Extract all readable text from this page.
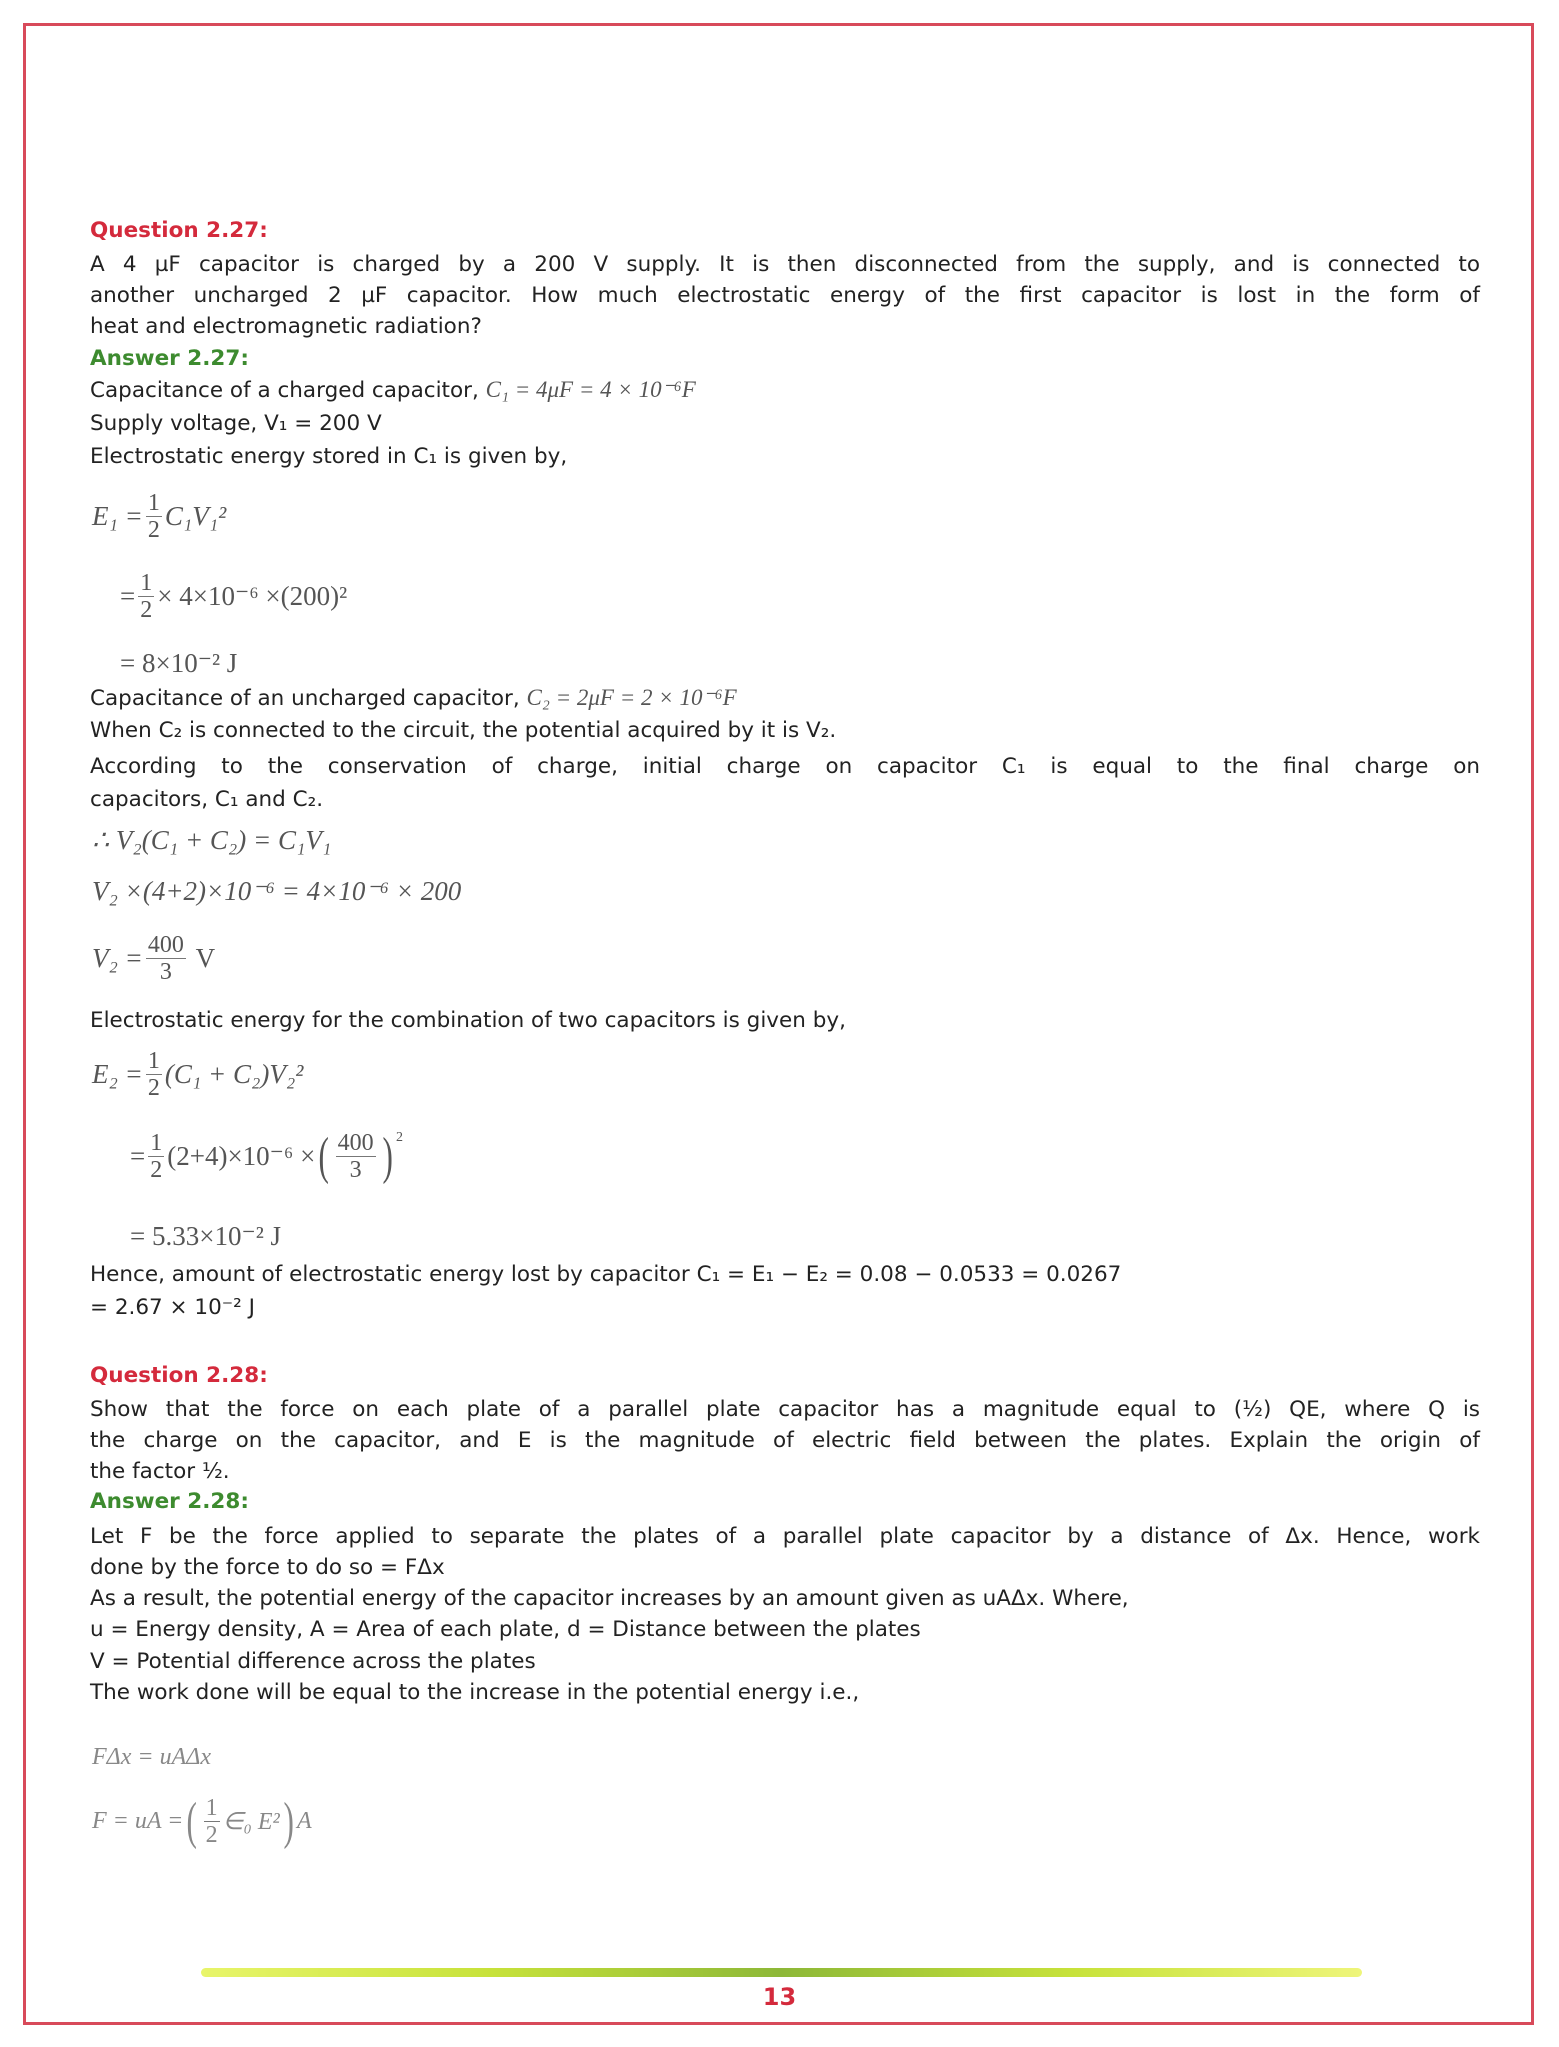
Question 2.27:
A 4 µF capacitor is charged by a 200 V supply. It is then disconnected from the supply, and is connected to
another uncharged 2 µF capacitor. How much electrostatic energy of the first capacitor is lost in the form of
heat and electromagnetic radiation?
Answer 2.27:
Capacitance of a charged capacitor, C₁ = 4μF = 4 × 10⁻⁶F
Supply voltage, V₁ = 200 V
Electrostatic energy stored in C₁ is given by,
$E_1 = \frac{1}{2} C_1V_1^2$
= $\frac{1}{2} \times 4\times 10^{-6} \times(200)^2$
= 8×10⁻² J
Capacitance of an uncharged capacitor, C₂ = 2μF = 2 × 10⁻⁶F
When C₂ is connected to the circuit, the potential acquired by it is V₂.
According to the conservation of charge, initial charge on capacitor C₁ is equal to the final charge on
capacitors, C₁ and C₂.
∴ V₂(C₁ + C₂) = C₁V₁
V₂ ×(4+2)×10⁻⁶ = 4×10⁻⁶ × 200
$V_2 = \frac{400}{3}$
V
Electrostatic energy for the combination of two capacitors is given by,
$E_2 = \frac{1}{2} (C_1 + C_2)V_2^2$
= $\frac{1}{2} (2+4)\times 10^{-6}$ × ( $\frac{400}{3} )^2$
= 5.33×10⁻² J
Hence, amount of electrostatic energy lost by capacitor C₁ = E₁ − E₂ = 0.08 − 0.0533 = 0.0267
= 2.67 × 10⁻² J
Question 2.28:
Show that the force on each plate of a parallel plate capacitor has a magnitude equal to (½) QE, where Q is
the charge on the capacitor, and E is the magnitude of electric field between the plates. Explain the origin of
the factor ½.
Answer 2.28:
Let F be the force applied to separate the plates of a parallel plate capacitor by a distance of Δx. Hence, work
done by the force to do so = FΔx
As a result, the potential energy of the capacitor increases by an amount given as uAΔx. Where,
u = Energy density, A = Area of each plate, d = Distance between the plates
V = Potential difference across the plates
The work done will be equal to the increase in the potential energy i.e.,
FΔx = uAΔx
F = uA = ( $\frac{1}{2}$ ∈₀ E² ) A
13
